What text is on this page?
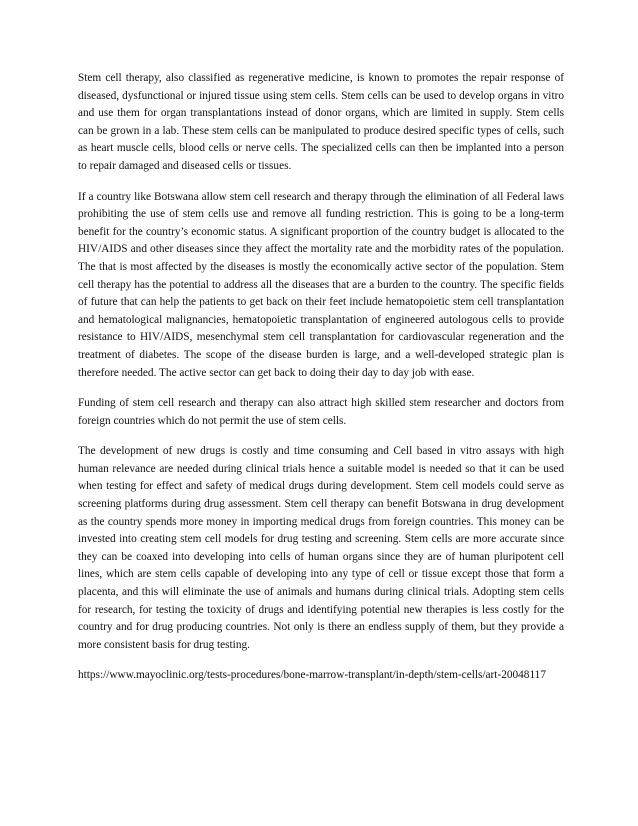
Stem cell therapy, also classified as regenerative medicine, is known to promotes the repair response of diseased, dysfunctional or injured tissue using stem cells. Stem cells can be used to develop organs in vitro and use them for organ transplantations instead of donor organs, which are limited in supply. Stem cells can be grown in a lab. These stem cells can be manipulated to produce desired specific types of cells, such as heart muscle cells, blood cells or nerve cells. The specialized cells can then be implanted into a person to repair damaged and diseased cells or tissues.

If a country like Botswana allow stem cell research and therapy through the elimination of all Federal laws prohibiting the use of stem cells use and remove all funding restriction. This is going to be a long-term benefit for the country’s economic status. A significant proportion of the country budget is allocated to the HIV/AIDS and other diseases since they affect the mortality rate and the morbidity rates of the population. The that is most affected by the diseases is mostly the economically active sector of the population. Stem cell therapy has the potential to address all the diseases that are a burden to the country. The specific fields of future that can help the patients to get back on their feet include hematopoietic stem cell transplantation and hematological malignancies, hematopoietic transplantation of engineered autologous cells to provide resistance to HIV/AIDS, mesenchymal stem cell transplantation for cardiovascular regeneration and the treatment of diabetes. The scope of the disease burden is large, and a well-developed strategic plan is therefore needed. The active sector can get back to doing their day to day job with ease.

Funding of stem cell research and therapy can also attract high skilled stem researcher and doctors from foreign countries which do not permit the use of stem cells.

The development of new drugs is costly and time consuming and Cell based in vitro assays with high human relevance are needed during clinical trials hence a suitable model is needed so that it can be used when testing for effect and safety of medical drugs during development. Stem cell models could serve as screening platforms during drug assessment. Stem cell therapy can benefit Botswana in drug development as the country spends more money in importing medical drugs from foreign countries. This money can be invested into creating stem cell models for drug testing and screening. Stem cells are more accurate since they can be coaxed into developing into cells of human organs since they are of human pluripotent cell lines, which are stem cells capable of developing into any type of cell or tissue except those that form a placenta, and this will eliminate the use of animals and humans during clinical trials. Adopting stem cells for research, for testing the toxicity of drugs and identifying potential new therapies is less costly for the country and for drug producing countries. Not only is there an endless supply of them, but they provide a more consistent basis for drug testing.

https://www.mayoclinic.org/tests-procedures/bone-marrow-transplant/in-depth/stem-cells/art-20048117
